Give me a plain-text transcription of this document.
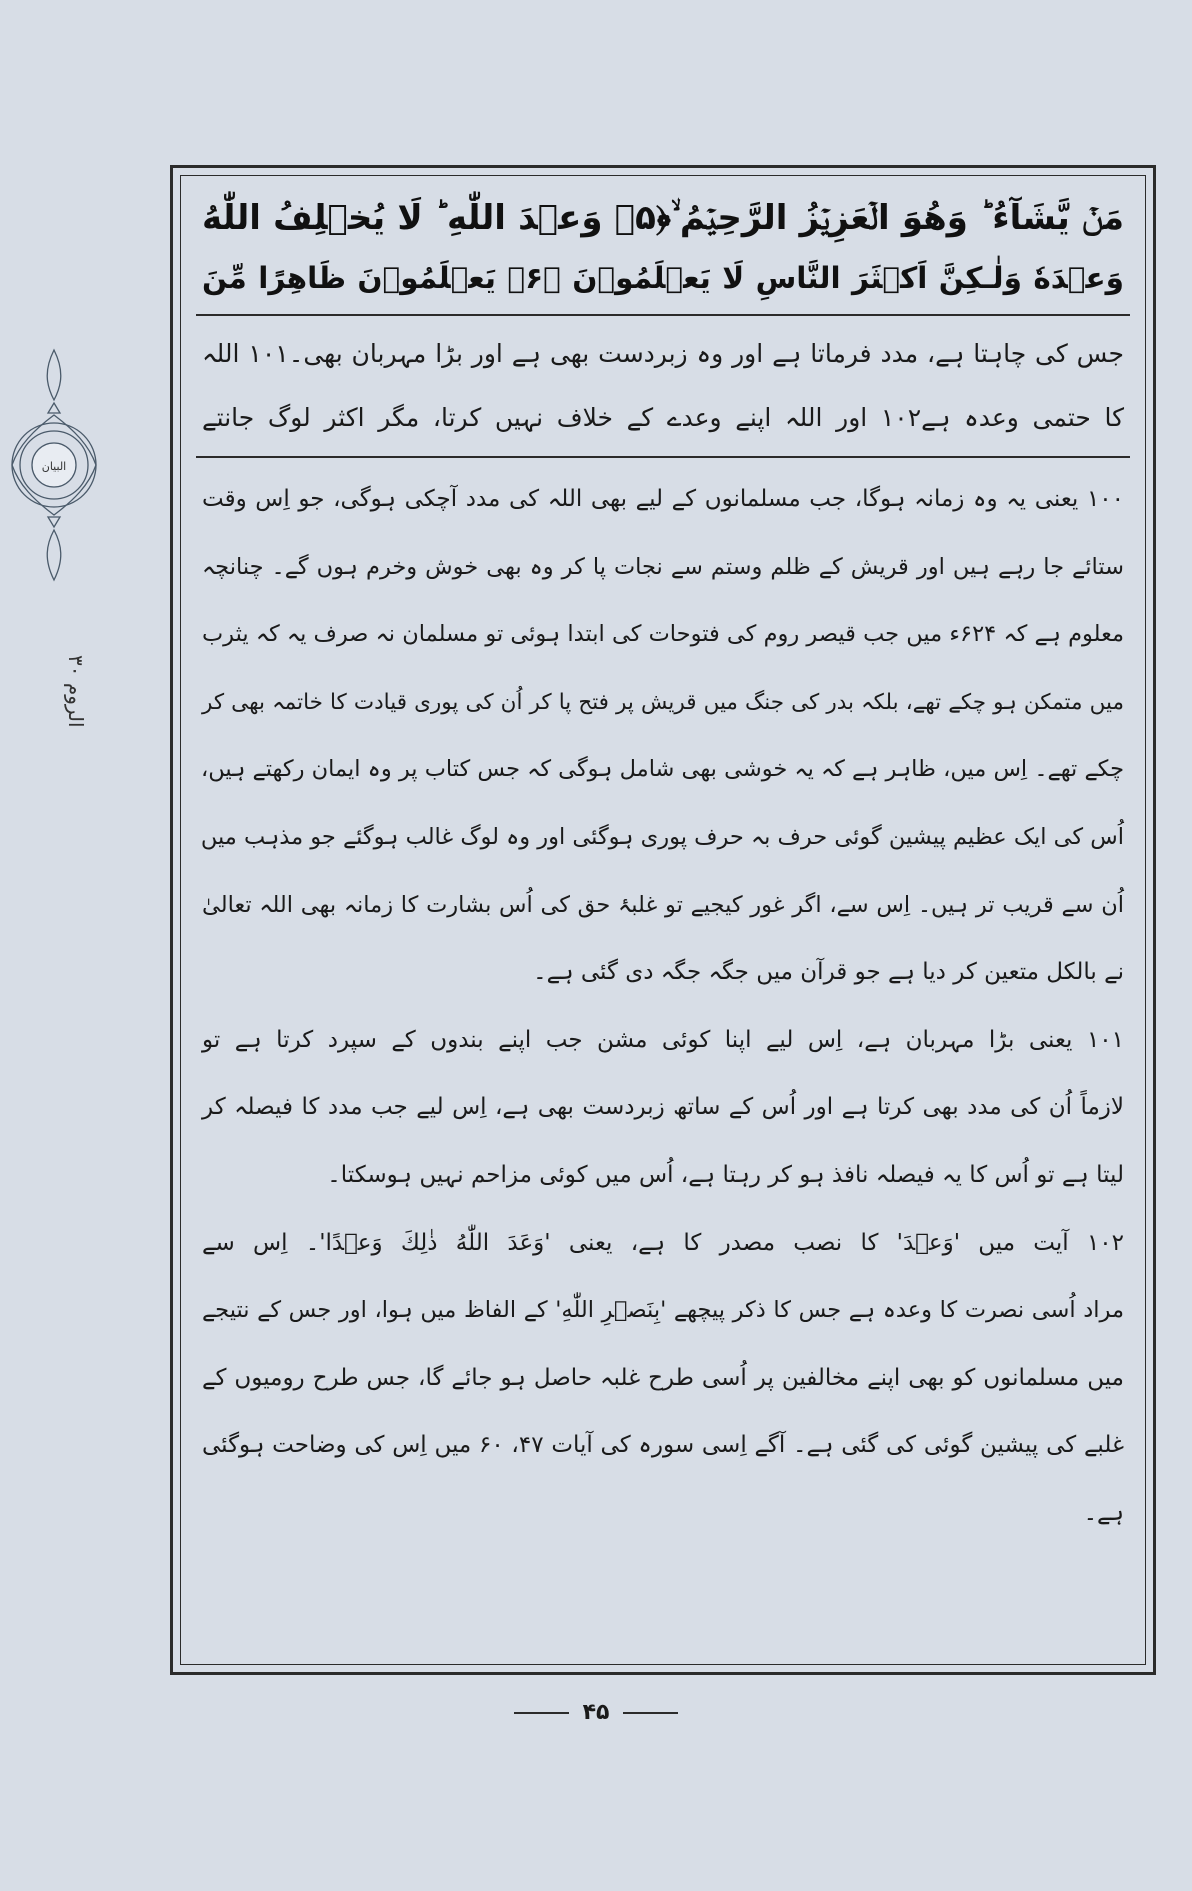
البیان
الروم ۳۰
مَنۡ يَّشَآءُ ؕ وَهُوَ الۡعَزِيۡزُ الرَّحِيۡمُ ۙ﴿۵﴾ وَعۡدَ اللّٰهِ ؕ لَا يُخۡلِفُ اللّٰهُ
وَعۡدَهٗ وَلٰـكِنَّ اَكۡثَرَ النَّاسِ لَا يَعۡلَمُوۡنَ ﴿۶﴾ يَعۡلَمُوۡنَ ظَاهِرًا مِّنَ
جس کی چاہتا ہے، مدد فرماتا ہے اور وہ زبردست بھی ہے اور بڑا مہربان بھی۔۱۰۱ اللہ
کا حتمی وعدہ ہے۱۰۲ اور اللہ اپنے وعدے کے خلاف نہیں کرتا، مگر اکثر لوگ جانتے
۱۰۰ یعنی یہ وہ زمانہ ہوگا، جب مسلمانوں کے لیے بھی اللہ کی مدد آچکی ہوگی، جو اِس وقت
ستائے جا رہے ہیں اور قریش کے ظلم وستم سے نجات پا کر وہ بھی خوش وخرم ہوں گے۔ چنانچہ
معلوم ہے کہ ۶۲۴ء میں جب قیصر روم کی فتوحات کی ابتدا ہوئی تو مسلمان نہ صرف یہ کہ یثرب
میں متمکن ہو چکے تھے، بلکہ بدر کی جنگ میں قریش پر فتح پا کر اُن کی پوری قیادت کا خاتمہ بھی کر
چکے تھے۔ اِس میں، ظاہر ہے کہ یہ خوشی بھی شامل ہوگی کہ جس کتاب پر وہ ایمان رکھتے ہیں،
اُس کی ایک عظیم پیشین گوئی حرف بہ حرف پوری ہوگئی اور وہ لوگ غالب ہوگئے جو مذہب میں
اُن سے قریب تر ہیں۔ اِس سے، اگر غور کیجیے تو غلبۂ حق کی اُس بشارت کا زمانہ بھی اللہ تعالیٰ
نے بالکل متعین کر دیا ہے جو قرآن میں جگہ جگہ دی گئی ہے۔
۱۰۱ یعنی بڑا مہربان ہے، اِس لیے اپنا کوئی مشن جب اپنے بندوں کے سپرد کرتا ہے تو
لازماً اُن کی مدد بھی کرتا ہے اور اُس کے ساتھ زبردست بھی ہے، اِس لیے جب مدد کا فیصلہ کر
لیتا ہے تو اُس کا یہ فیصلہ نافذ ہو کر رہتا ہے، اُس میں کوئی مزاحم نہیں ہوسکتا۔
۱۰۲ آیت میں 'وَعۡدَ' کا نصب مصدر کا ہے، یعنی 'وَعَدَ اللّٰهُ ذٰلِكَ وَعۡدًا'۔ اِس سے
مراد اُسی نصرت کا وعدہ ہے جس کا ذکر پیچھے 'بِنَصۡرِ اللّٰهِ' کے الفاظ میں ہوا، اور جس کے نتیجے
میں مسلمانوں کو بھی اپنے مخالفین پر اُسی طرح غلبہ حاصل ہو جائے گا، جس طرح رومیوں کے
غلبے کی پیشین گوئی کی گئی ہے۔ آگے اِسی سورہ کی آیات ۴۷، ۶۰ میں اِس کی وضاحت ہوگئی
ہے۔
۴۵
